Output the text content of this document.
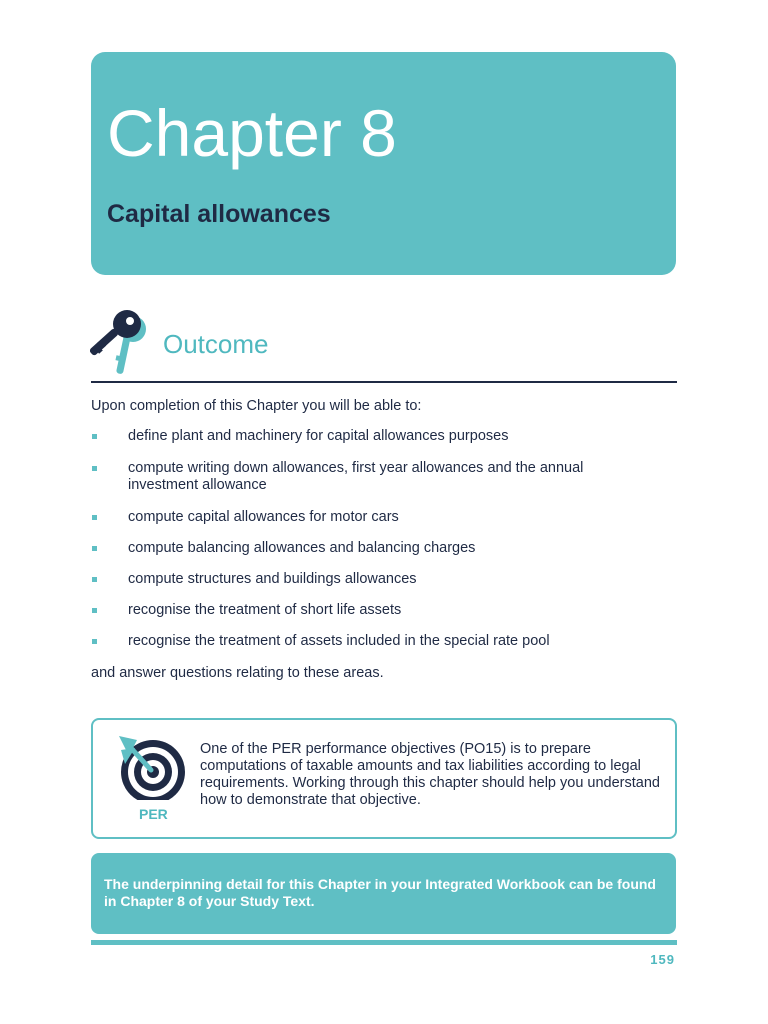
Chapter 8
Capital allowances
Outcome
Upon completion of this Chapter you will be able to:
define plant and machinery for capital allowances purposes
compute writing down allowances, first year allowances and the annual investment allowance
compute capital allowances for motor cars
compute balancing allowances and balancing charges
compute structures and buildings allowances
recognise the treatment of short life assets
recognise the treatment of assets included in the special rate pool
and answer questions relating to these areas.
PER
One of the PER performance objectives (PO15) is to prepare computations of taxable amounts and tax liabilities according to legal requirements. Working through this chapter should help you understand how to demonstrate that objective.
The underpinning detail for this Chapter in your Integrated Workbook can be found in Chapter 8 of your Study Text.
159
